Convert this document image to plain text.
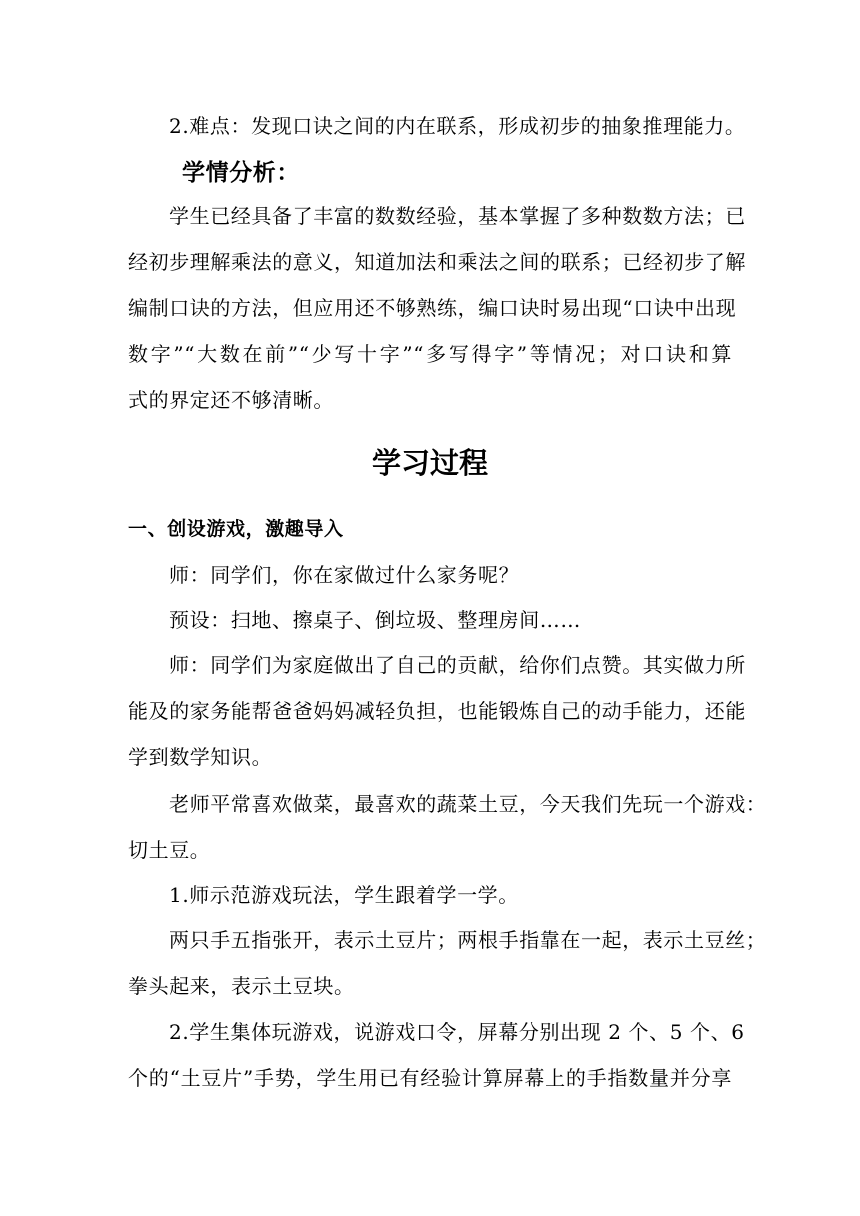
2.难点：发现口诀之间的内在联系，形成初步的抽象推理能力。
学情分析：
学生已经具备了丰富的数数经验，基本掌握了多种数数方法；已
经初步理解乘法的意义，知道加法和乘法之间的联系；已经初步了解
编制口诀的方法，但应用还不够熟练，编口诀时易出现“口诀中出现
数字”“大数在前”“少写十字”“多写得字”等情况；对口诀和算
式的界定还不够清晰。
学习过程
一、创设游戏，激趣导入
师：同学们，你在家做过什么家务呢？
预设：扫地、擦桌子、倒垃圾、整理房间……
师：同学们为家庭做出了自己的贡献，给你们点赞。其实做力所
能及的家务能帮爸爸妈妈减轻负担，也能锻炼自己的动手能力，还能
学到数学知识。
老师平常喜欢做菜，最喜欢的蔬菜土豆，今天我们先玩一个游戏：
切土豆。
1.师示范游戏玩法，学生跟着学一学。
两只手五指张开，表示土豆片；两根手指靠在一起，表示土豆丝；
拳头起来，表示土豆块。
2.学生集体玩游戏，说游戏口令，屏幕分别出现 2 个、5 个、6
个的“土豆片”手势，学生用已有经验计算屏幕上的手指数量并分享
